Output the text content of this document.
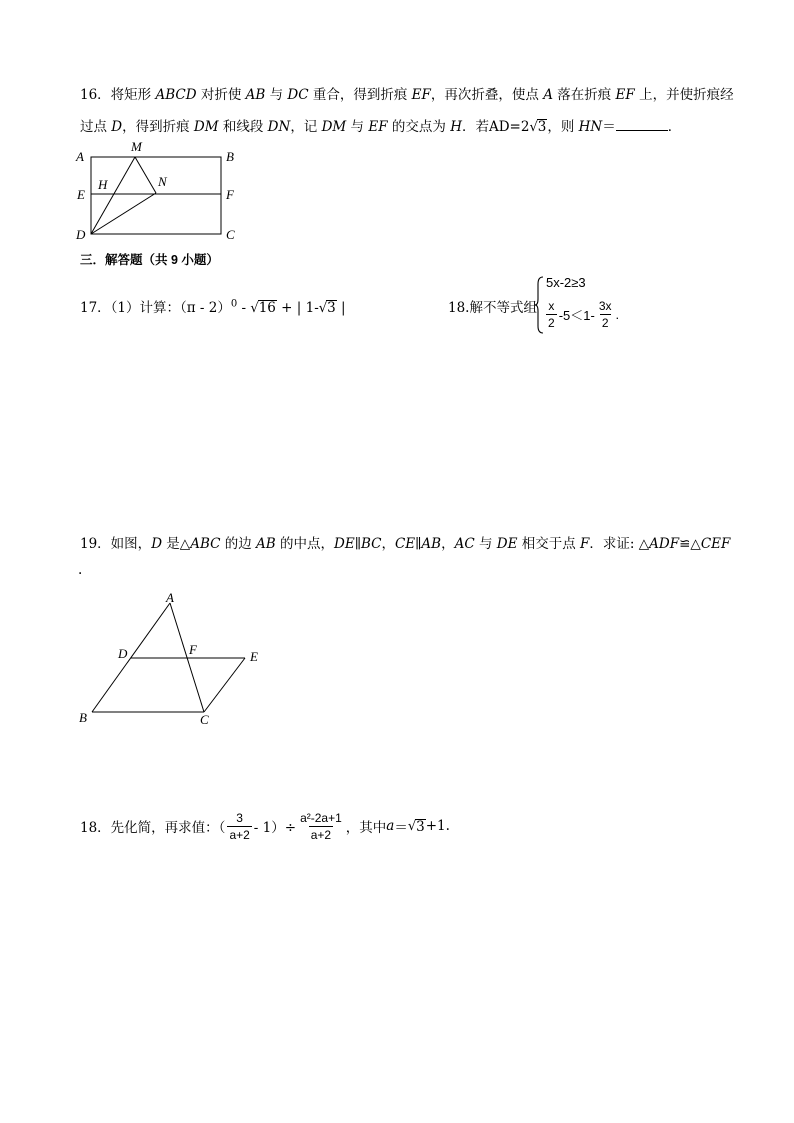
16．将矩形 ABCD 对折使 AB 与 DC 重合，得到折痕 EF，再次折叠，使点 A 落在折痕 EF 上，并使折痕经
过点 D，得到折痕 DM 和线段 DN，记 DM 与 EF 的交点为 H．若AD=2√3，则 HN＝	．
A
M
B
H	N
E	F
D	C
三．解答题（共 9 小题）
17．（1）计算：（π - 2）$^0$ - √16 + | 1-√3 |	18.解不等式组
5x-2≥3
$\frac{x}{2} -5<1- \frac{3x}{2}$ .
19．如图，D 是△ABC 的边 AB 的中点，DE∥BC，CE∥AB，AC 与 DE 相交于点 F．求证: △ADF≌△CEF
.
A
D	F	E
B	C
18．先化简，再求值：（ $\frac{3}{a+2} - 1)\div \frac{\text{a²-2a+1}}{a+2}$ ，其中 a ＝ √ 3 +1.
